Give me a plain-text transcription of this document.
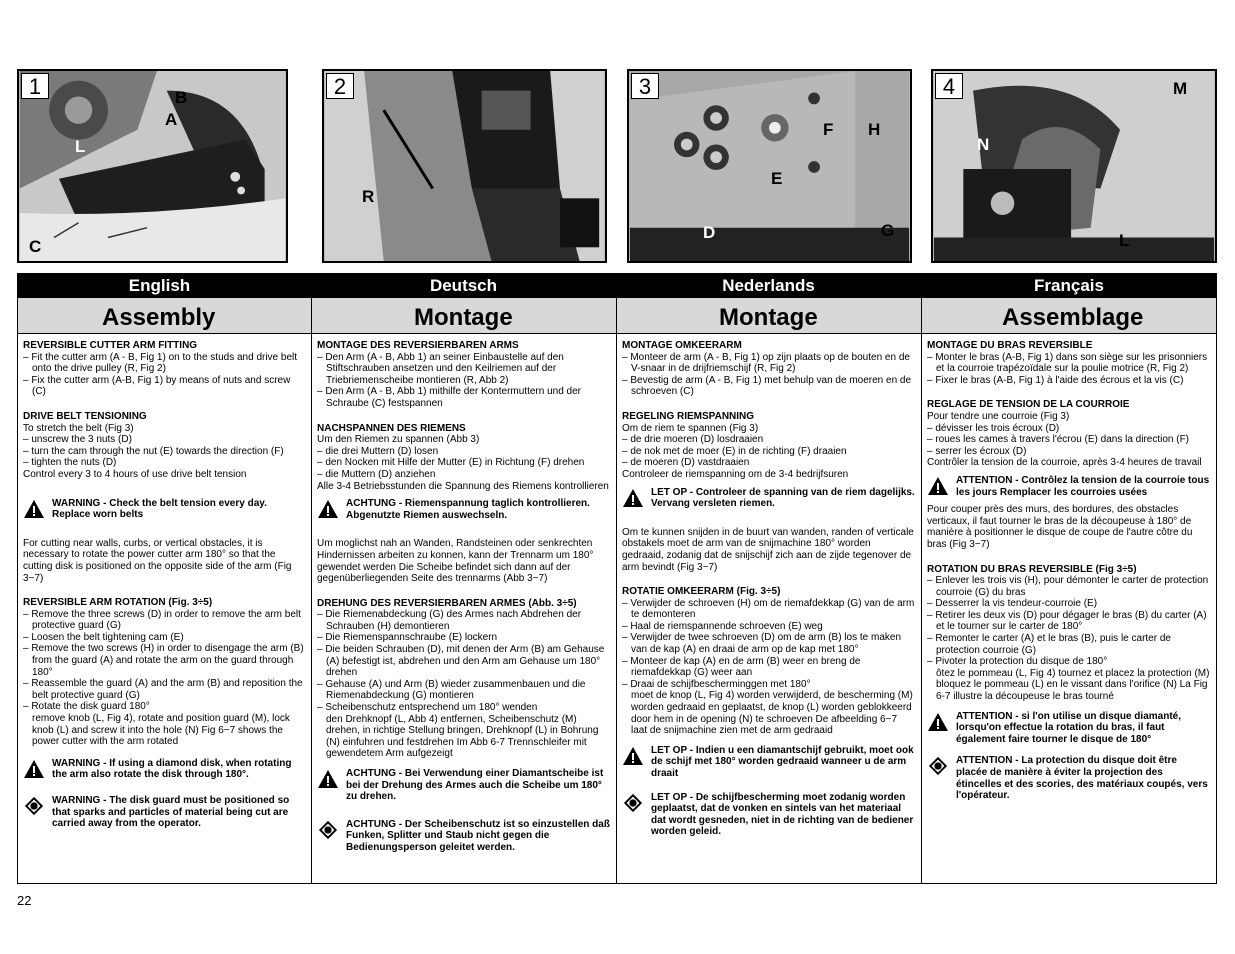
1	B
A
L
C
2
R
3
F H
E
D	G
4	M
N
L
English	Deutsch	Nederlands	Français
Assembly
REVERSIBLE CUTTER ARM FITTING
– Fit the cutter arm (A - B, Fig 1) on to the studs and drive belt onto the drive pulley (R, Fig 2)
– Fix the cutter arm (A-B, Fig 1) by means of nuts and screw (C)
DRIVE BELT TENSIONING
To stretch the belt (Fig 3)
– unscrew the 3 nuts (D)
– turn the cam through the nut (E) towards the direction (F)
– tighten the nuts (D)
Control every 3 to 4 hours of use drive belt tension
WARNING - Check the belt tension every day. Replace worn belts
For cutting near walls, curbs, or vertical obstacles, it is necessary to rotate the power cutter arm 180° so that the cutting disk is positioned on the opposite side of the arm (Fig 3−7)
REVERSIBLE ARM ROTATION (Fig. 3÷5)
– Remove the three screws (D) in order to remove the arm belt protective guard (G)
– Loosen the belt tightening cam (E)
– Remove the two screws (H) in order to disengage the arm (B) from the guard (A) and rotate the arm on the guard through 180°
– Reassemble the guard (A) and the arm (B) and reposition the belt protective guard (G)
– Rotate the disk guard 180°
remove knob (L, Fig 4), rotate and position guard (M), lock knob (L) and screw it into the hole (N) Fig 6−7 shows the power cutter with the arm rotated
WARNING - If using a diamond disk, when rotating the arm also rotate the disk through 180°.
WARNING - The disk guard must be positioned so that sparks and particles of material being cut are carried away from the operator.
Montage
MONTAGE DES REVERSIERBAREN ARMS
– Den Arm (A - B, Abb 1) an seiner Einbaustelle auf den Stiftschrauben ansetzen und den Keilriemen auf der Triebriemenscheibe montieren (R, Abb 2)
– Den Arm (A - B, Abb 1) mithilfe der Kontermuttern und der Schraube (C) festspannen
NACHSPANNEN DES RIEMENS
Um den Riemen zu spannen (Abb 3)
– die drei Muttern (D) losen
– den Nocken mit Hilfe der Mutter (E) in Richtung (F) drehen
– die Muttern (D) anziehen
Alle 3-4 Betriebsstunden die Spannung des Riemens kontrollieren
ACHTUNG - Riemenspannung taglich kontrollieren. Abgenutzte Riemen auswechseln.
Um moglichst nah an Wanden, Randsteinen oder senkrechten Hindernissen arbeiten zu konnen, kann der Trennarm um 180° gewendet werden Die Scheibe befindet sich dann auf der gegenüberliegenden Seite des trennarms (Abb 3−7)
DREHUNG DES REVERSIERBAREN ARMES (Abb. 3÷5)
– Die Riemenabdeckung (G) des Armes nach Abdrehen der Schrauben (H) demontieren
– Die Riemenspannschraube (E) lockern
– Die beiden Schrauben (D), mit denen der Arm (B) am Gehause (A) befestigt ist, abdrehen und den Arm am Gehause um 180° drehen
– Gehause (A) und Arm (B) wieder zusammenbauen und die Riemenabdeckung (G) montieren
– Scheibenschutz entsprechend um 180° wenden
den Drehknopf (L, Abb 4) entfernen, Scheibenschutz (M) drehen, in richtige Stellung bringen, Drehknopf (L) in Bohrung (N) einfuhren und festdrehen Im Abb 6-7 Trennschleifer mit gewendetem Arm aufgezeigt
ACHTUNG - Bei Verwendung einer Diamantscheibe ist bei der Drehung des Armes auch die Scheibe um 180° zu drehen.
ACHTUNG - Der Scheibenschutz ist so einzustellen daß Funken, Splitter und Staub nicht gegen die Bedienungsperson geleitet werden.
Montage
MONTAGE OMKEERARM
– Monteer de arm (A - B, Fig 1) op zijn plaats op de bouten en de V-snaar in de drijfriemschijf (R, Fig 2)
– Bevestig de arm (A - B, Fig 1) met behulp van de moeren en de schroeven (C)
REGELING RIEMSPANNING
Om de riem te spannen (Fig 3)
– de drie moeren (D) losdraaien
– de nok met de moer (E) in de richting (F) draaien
– de moeren (D) vastdraaien
Controleer de riemspanning om de 3-4 bedrijfsuren
LET OP - Controleer de spanning van de riem dagelijks. Vervang versleten riemen.
Om te kunnen snijden in de buurt van wanden, randen of verticale obstakels moet de arm van de snijmachine 180° worden gedraaid, zodanig dat de snijschijf zich aan de zijde tegenover de arm bevindt (Fig 3−7)
ROTATIE OMKEERARM (Fig. 3÷5)
– Verwijder de schroeven (H) om de riemafdekkap (G) van de arm te demonteren
– Haal de riemspannende schroeven (E) weg
– Verwijder de twee schroeven (D) om de arm (B) los te maken van de kap (A) en draai de arm op de kap met 180°
– Monteer de kap (A) en de arm (B) weer en breng de riemafdekkap (G) weer aan
– Draai de schijfbescherminggen met 180°
moet de knop (L, Fig 4) worden verwijderd, de bescherming (M) worden gedraaid en geplaatst, de knop (L) worden geblokkeerd door hem in de opening (N) te schroeven De afbeelding 6−7 laat de snijmachine zien met de arm gedraaid
LET OP - Indien u een diamantschijf gebruikt, moet ook de schijf met 180° worden gedraaid wanneer u de arm draait
LET OP - De schijfbescherming moet zodanig worden geplaatst, dat de vonken en sintels van het materiaal dat wordt gesneden, niet in de richting van de bediener worden geleid.
Assemblage
MONTAGE DU BRAS REVERSIBLE
– Monter le bras (A-B, Fig 1) dans son siège sur les prisonniers et la courroie trapézoïdale sur la poulie motrice (R, Fig 2)
– Fixer le bras (A-B, Fig 1) à l'aide des écrous et la vis (C)
REGLAGE DE TENSION DE LA COURROIE
Pour tendre une courroie (Fig 3)
– dévisser les trois écroux (D)
– roues les cames à travers l'écrou (E) dans la direction (F)
– serrer les écroux (D)
Contrôler la tension de la courroie, après 3-4 heures de travail
ATTENTION - Contrôlez la tension de la courroie tous les jours Remplacer les courroies usées
Pour couper près des murs, des bordures, des obstacles verticaux, il faut tourner le bras de la découpeuse à 180° de manière à positionner le disque de coupe de l'autre côtre du bras (Fig 3−7)
ROTATION DU BRAS REVERSIBLE (Fig 3÷5)
– Enlever les trois vis (H), pour démonter le carter de protection courroie (G) du bras
– Desserrer la vis tendeur-courroie (E)
– Retirer les deux vis (D) pour dégager le bras (B) du carter (A) et le tourner sur le carter de 180°
– Remonter le carter (A) et le bras (B), puis le carter de protection courroie (G)
– Pivoter la protection du disque de 180°
ôtez le pommeau (L, Fig 4) tournez et placez la protection (M) bloquez le pommeau (L) en le vissant dans l'orifice (N) La Fig 6-7 illustre la découpeuse le bras tourné
ATTENTION - si l'on utilise un disque diamanté, lorsqu'on effectue la rotation du bras, il faut également faire tourner le disque de 180°
ATTENTION - La protection du disque doit être placée de manière à éviter la projection des étincelles et des scories, des matériaux coupés, vers l'opérateur.
22
